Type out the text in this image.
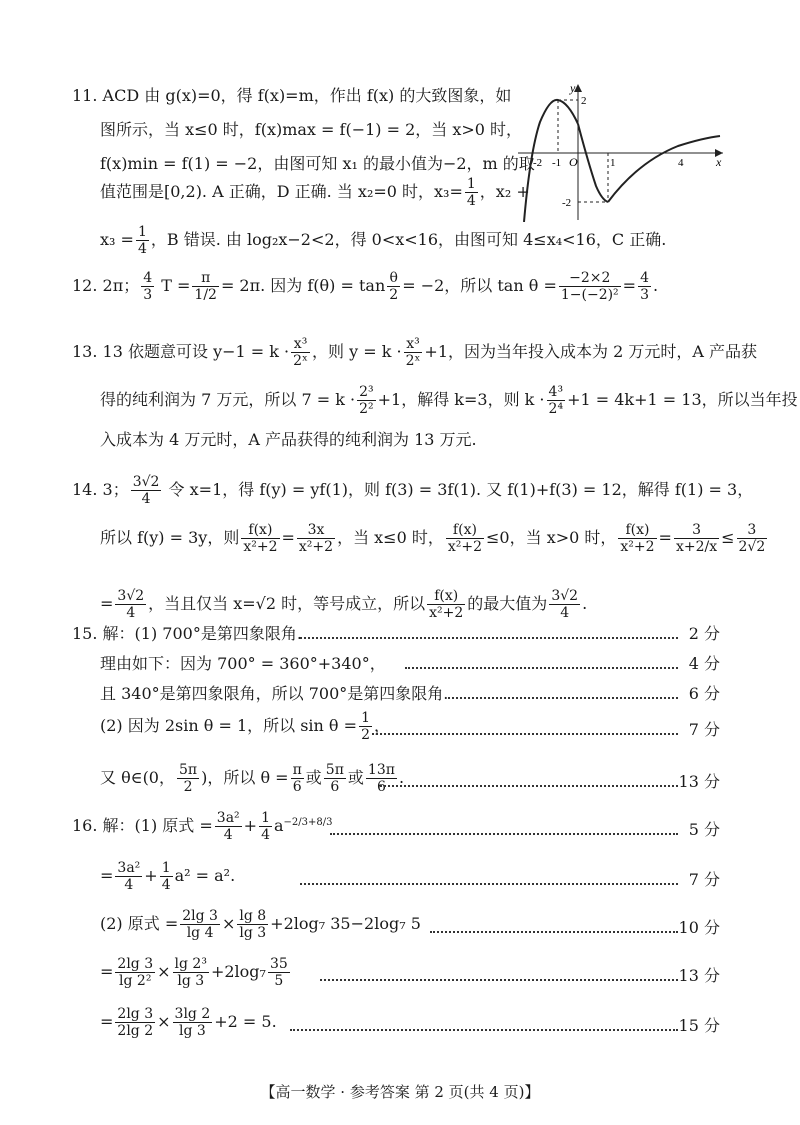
11. ACD 由 g(x)=0，得 f(x)=m，作出 f(x) 的大致图象，如
图所示，当 x≤0 时，f(x)max = f(−1) = 2，当 x>0 时，
f(x)min = f(1) = −2，由图可知 x₁ 的最小值为−2，m 的取
值范围是[0,2). A 正确，D 正确. 当 x₂=0 时，$x_3= \frac{1}{4}$ ，x₂ +
$x_3 = \frac{1}{4}$ ，B 错误. 由 log₂x−2<2，得 0<x<16，由图可知 4≤x₄<16，C 正确.
y
x
O
-2 -1	1	4
2
-2
12. 2π； $\frac{4}{3}$ $T = \frac{\pi}{1/2} = 2\pi$. 因为 $f(\theta) = \tan \frac{\theta}{2} = -2$，所以 $\tan \theta = \frac{-2\times 2}{\text{1−(−2)²}} = \frac{4}{3}$ .
13. 13 依题意可设 $y-1 = k \cdot \frac{\text{x³}}{\text{2ˣ}}$ ，则 $y = k \cdot \frac{\text{x³}}{\text{2ˣ}} +1$，因为当年投入成本为 2 万元时，A 产品获
得的纯利润为 7 万元，所以 $7 = k \cdot \frac{\text{2³}}{\text{2²}} +1$，解得 k=3，则 $k \cdot \frac{\text{4³}}{\text{2⁴}} +1 = 4k+1 = 13$，所以当年投
入成本为 4 万元时，A 产品获得的纯利润为 13 万元.
14. 3； $\frac{3√2}{4}$ 令 x=1，得 f(y) = yf(1)，则 f(3) = 3f(1). 又 f(1)+f(3) = 12，解得 f(1) = 3，
所以 f(y) = 3y，则 $\frac{f(x)}{\text{x²+2}} = \frac{3x}{\text{x²+2}}$ ，当 x≤0 时， $\frac{f(x)}{\text{x²+2}} \le 0$，当 x>0 时， $\frac{f(x)}{\text{x²+2}} = \frac{3}{x+2/x} \le \frac{3}{2√2}$
= $\frac{3√2}{4}$ ，当且仅当 x=√2 时，等号成立，所以 $\frac{f(x)}{\text{x²+2}}$ 的最大值为 $\frac{3√2}{4}$ .
15. 解：(1) 700°是第四象限角.	2 分
理由如下：因为 700° = 360°+340°，	4 分
且 340°是第四象限角，所以 700°是第四象限角.	6 分
(2) 因为 2sin θ = 1，所以 $\sin \theta = \frac{1}{2}$ ，	7 分
又 θ∈(0， $\frac{5\pi}{2}$ )，所以 $\theta = \frac{\pi}{6}$ 或 $\frac{5\pi}{6}$ 或 $\frac{13\pi}{6}$ .	13 分
16. 解：(1) 原式 = $\frac{\text{3a²}}{4} + \frac{1}{4} a^{-2/3+8/3}$	5 分
= $\frac{\text{3a²}}{4} + \frac{1}{4} a^2 = a^2$.	7 分
(2) 原式 = $\frac{2\lg 3}{\lg 4} \times \frac{\lg 8}{\lg 3} +2\log_7$ 35−2log₇ 5	10 分
= $\frac{2\lg 3}{\text{lg 2²}} \times \frac{\text{lg 2³}}{\lg 3} +2\log_7 \frac{35}{5}$	13 分
= $\frac{2\lg 3}{2\lg 2} \times \frac{3\lg 2}{\lg 3} +2 = 5$.	15 分
【高一数学 · 参考答案 第 2 页(共 4 页)】
